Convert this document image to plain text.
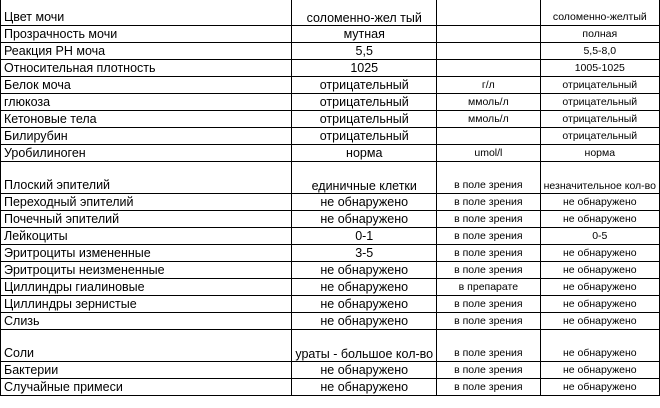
Цвет мочи	соломенно-жел тый		соломенно-желтый
Прозрачность мочи	мутная		полная
Реакция РН моча	5,5		5,5-8,0
Относительная плотность	1025		1005-1025
Белок моча	отрицательный	г/л	отрицательный
глюкоза	отрицательный	ммоль/л	отрицательный
Кетоновые тела	отрицательный	ммоль/л	отрицательный
Билирубин	отрицательный		отрицательный
Уробилиноген	норма	umol/l	норма
Плоский эпителий	единичные клетки	в поле зрения	незначительное кол-во
Переходный эпителий	не обнаружено	в поле зрения	не обнаружено
Почечный эпителий	не обнаружено	в поле зрения	не обнаружено
Лейкоциты	0-1	в поле зрения	0-5
Эритроциты измененные	3-5	в поле зрения	не обнаружено
Эритроциты неизмененные	не обнаружено	в поле зрения	не обнаружено
Циллиндры гиалиновые	не обнаружено	в препарате	не обнаружено
Циллиндры зернистые	не обнаружено	в поле зрения	не обнаружено
Слизь	не обнаружено	в поле зрения	не обнаружено
Соли	ураты - большое кол-во	в поле зрения	не обнаружено
Бактерии	не обнаружено	в поле зрения	не обнаружено
Случайные примеси	не обнаружено	в поле зрения	не обнаружено
